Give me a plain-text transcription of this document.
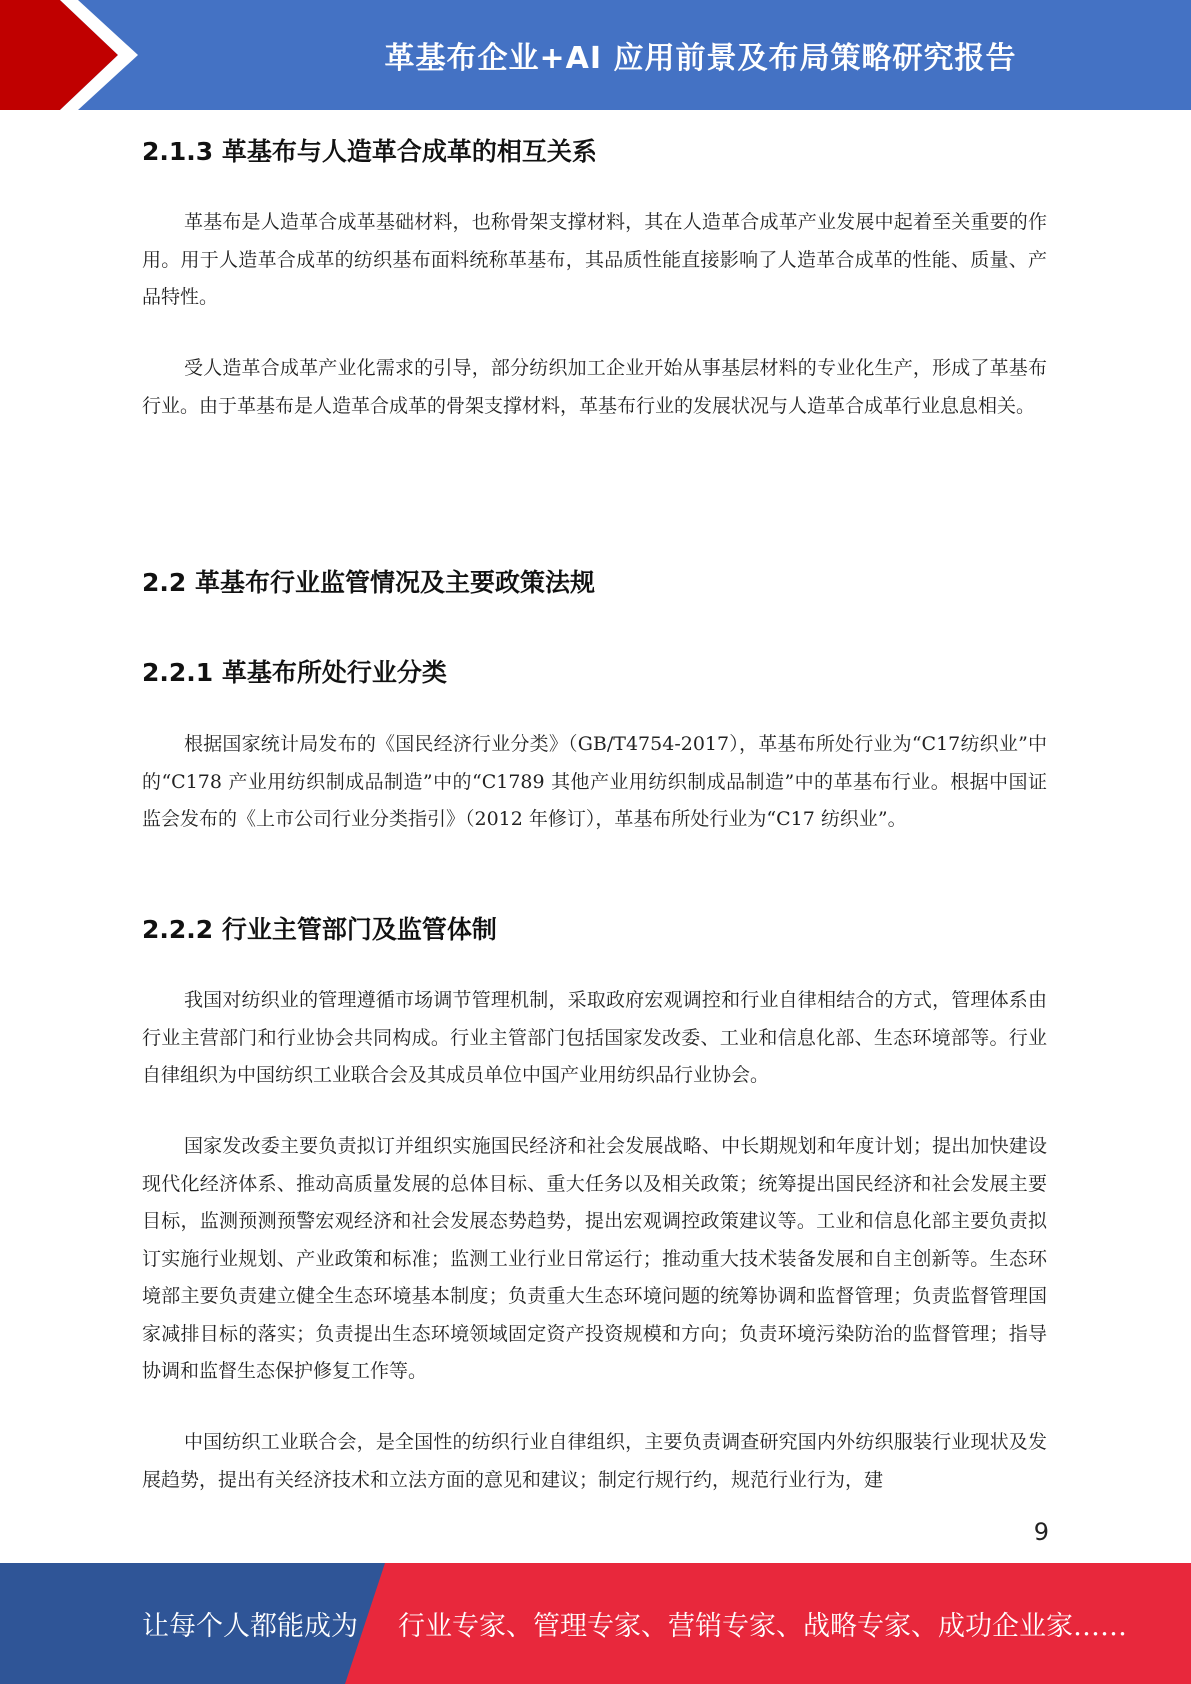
革基布企业+AI 应用前景及布局策略研究报告
2.1.3 革基布与人造革合成革的相互关系

革基布是人造革合成革基础材料，也称骨架支撑材料，其在人造革合成革产业发展中起着至关重要的作用。用于人造革合成革的纺织基布面料统称革基布，其品质性能直接影响了人造革合成革的性能、质量、产品特性。

受人造革合成革产业化需求的引导，部分纺织加工企业开始从事基层材料的专业化生产，形成了革基布行业。由于革基布是人造革合成革的骨架支撑材料，革基布行业的发展状况与人造革合成革行业息息相关。

2.2 革基布行业监管情况及主要政策法规
2.2.1 革基布所处行业分类

根据国家统计局发布的《国民经济行业分类》（GB/T4754-2017），革基布所处行业为“C17纺织业”中的“C178 产业用纺织制成品制造”中的“C1789 其他产业用纺织制成品制造”中的革基布行业。根据中国证监会发布的《上市公司行业分类指引》（2012 年修订），革基布所处行业为“C17 纺织业”。

2.2.2 行业主管部门及监管体制

我国对纺织业的管理遵循市场调节管理机制，采取政府宏观调控和行业自律相结合的方式，管理体系由行业主营部门和行业协会共同构成。行业主管部门包括国家发改委、工业和信息化部、生态环境部等。行业自律组织为中国纺织工业联合会及其成员单位中国产业用纺织品行业协会。

国家发改委主要负责拟订并组织实施国民经济和社会发展战略、中长期规划和年度计划；提出加快建设现代化经济体系、推动高质量发展的总体目标、重大任务以及相关政策；统筹提出国民经济和社会发展主要目标，监测预测预警宏观经济和社会发展态势趋势，提出宏观调控政策建议等。工业和信息化部主要负责拟订实施行业规划、产业政策和标准；监测工业行业日常运行；推动重大技术装备发展和自主创新等。生态环境部主要负责建立健全生态环境基本制度；负责重大生态环境问题的统筹协调和监督管理；负责监督管理国家减排目标的落实；负责提出生态环境领域固定资产投资规模和方向；负责环境污染防治的监督管理；指导协调和监督生态保护修复工作等。

中国纺织工业联合会，是全国性的纺织行业自律组织，主要负责调查研究国内外纺织服装行业现状及发展趋势，提出有关经济技术和立法方面的意见和建议；制定行规行约，规范行业行为，建

9
让每个人都能成为 行业专家、管理专家、营销专家、战略专家、成功企业家……
